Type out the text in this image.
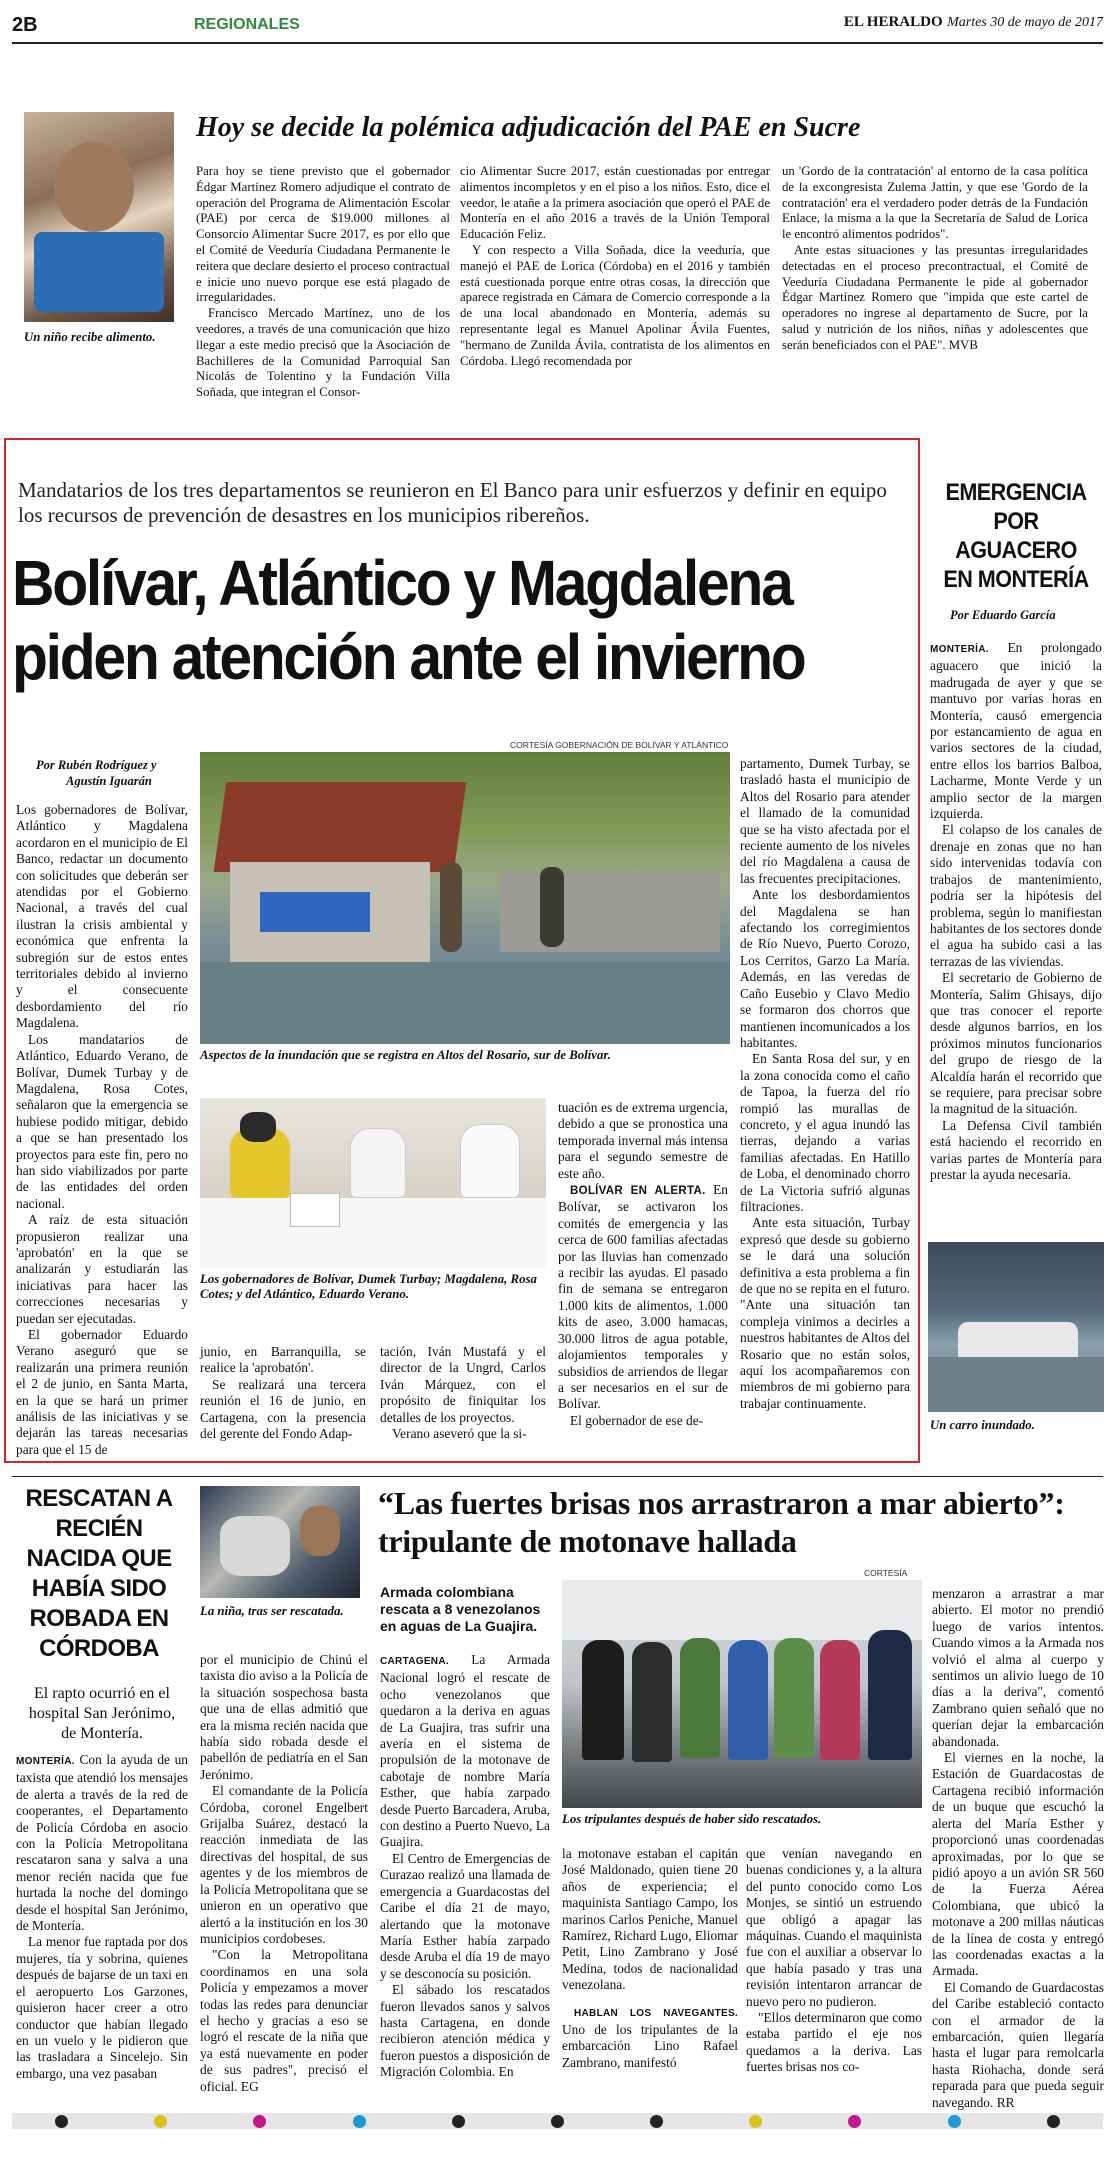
2B	REGIONALES	EL HERALDO Martes 30 de mayo de 2017
Un niño recibe alimento.
Hoy se decide la polémica adjudicación del PAE en Sucre

Para hoy se tiene previsto que el gobernador Édgar Martínez Romero adjudique el contrato de operación del Programa de Alimentación Escolar (PAE) por cerca de $19.000 millones al Consorcio Alimentar Sucre 2017, es por ello que el Comité de Veeduría Ciudadana Permanente le reitera que declare desierto el proceso contractual e inicie uno nuevo porque ese está plagado de irregularidades.

Francisco Mercado Martínez, uno de los veedores, a través de una comunicación que hizo llegar a este medio precisó que la Asociación de Bachilleres de la Comunidad Parroquial San Nicolás de Tolentino y la Fundación Villa Soñada, que integran el Consor-

cio Alimentar Sucre 2017, están cuestionadas por entregar alimentos incompletos y en el piso a los niños. Esto, dice el veedor, le atañe a la primera asociación que operó el PAE de Montería en el año 2016 a través de la Unión Temporal Educación Feliz.

Y con respecto a Villa Soñada, dice la veeduría, que manejó el PAE de Lorica (Córdoba) en el 2016 y también está cuestionada porque entre otras cosas, la dirección que aparece registrada en Cámara de Comercio corresponde a la de una local abandonado en Montería, además su representante legal es Manuel Apolinar Ávila Fuentes, "hermano de Zunilda Ávila, contratista de los alimentos en Córdoba. Llegó recomendada por

un 'Gordo de la contratación' al entorno de la casa política de la excongresista Zulema Jattin, y que ese 'Gordo de la contratación' era el verdadero poder detrás de la Fundación Enlace, la misma a la que la Secretaría de Salud de Lorica le encontró alimentos podridos".

Ante estas situaciones y las presuntas irregularidades detectadas en el proceso precontractual, el Comité de Veeduría Ciudadana Permanente le pide al gobernador Édgar Martínez Romero que "impida que este cartel de operadores no ingrese al departamento de Sucre, por la salud y nutrición de los niños, niñas y adolescentes que serán beneficiados con el PAE". MVB

Mandatarios de los tres departamentos se reunieron en El Banco para unir esfuerzos y definir en equipo los recursos de prevención de desastres en los municipios ribereños.
Bolívar, Atlántico y Magdalena
piden atención ante el invierno
CORTESÍA GOBERNACIÓN DE BOLÍVAR Y ATLÁNTICO
Por Rubén Rodríguez y
Agustín Iguarán
Aspectos de la inundación que se registra en Altos del Rosario, sur de Bolívar.
Los gobernadores de Bolívar, Dumek Turbay; Magdalena, Rosa Cotes; y del Atlántico, Eduardo Verano.

Los gobernadores de Bolívar, Atlántico y Magdalena acordaron en el municipio de El Banco, redactar un documento con solicitudes que deberán ser atendidas por el Gobierno Nacional, a través del cual ilustran la crisis ambiental y económica que enfrenta la subregión sur de estos entes territoriales debido al invierno y el consecuente desbordamiento del río Magdalena.

Los mandatarios de Atlántico, Eduardo Verano, de Bolívar, Dumek Turbay y de Magdalena, Rosa Cotes, señalaron que la emergencia se hubiese podido mitigar, debido a que se han presentado los proyectos para este fin, pero no han sido viabilizados por parte de las entidades del orden nacional.

A raíz de esta situación propusieron realizar una 'aprobatón' en la que se analizarán y estudiarán las iniciativas para hacer las correcciones necesarias y puedan ser ejecutadas.

El gobernador Eduardo Verano aseguró que se realizarán una primera reunión el 2 de junio, en Santa Marta, en la que se hará un primer análisis de las iniciativas y se dejarán las tareas necesarias para que el 15 de

junio, en Barranquilla, se realice la 'aprobatón'.

Se realizará una tercera reunión el 16 de junio, en Cartagena, con la presencia del gerente del Fondo Adap-

tación, Iván Mustafá y el director de la Ungrd, Carlos Iván Márquez, con el propósito de finiquitar los detalles de los proyectos.

Verano aseveró que la si-

tuación es de extrema urgencia, debido a que se pronostica una temporada invernal más intensa para el segundo semestre de este año.

BOLÍVAR EN ALERTA. En Bolívar, se activaron los comités de emergencia y las cerca de 600 familias afectadas por las lluvias han comenzado a recibir las ayudas. El pasado fin de semana se entregaron 1.000 kits de alimentos, 1.000 kits de aseo, 3.000 hamacas, 30.000 litros de agua potable, alojamientos temporales y subsidios de arriendos de llegar a ser necesarios en el sur de Bolívar.

El gobernador de ese de-

partamento, Dumek Turbay, se trasladó hasta el municipio de Altos del Rosario para atender el llamado de la comunidad que se ha visto afectada por el reciente aumento de los niveles del río Magdalena a causa de las frecuentes precipitaciones.

Ante los desbordamientos del Magdalena se han afectando los corregimientos de Río Nuevo, Puerto Corozo, Los Cerritos, Garzo La María. Además, en las veredas de Caño Eusebio y Clavo Medio se formaron dos chorros que mantienen incomunicados a los habitantes.

En Santa Rosa del sur, y en la zona conocida como el caño de Tapoa, la fuerza del río rompió las murallas de concreto, y el agua inundó las tierras, dejando a varias familias afectadas. En Hatillo de Loba, el denominado chorro de La Victoria sufrió algunas filtraciones.

Ante esta situación, Turbay expresó que desde su gobierno se le dará una solución definitiva a esta problema a fin de que no se repita en el futuro. "Ante una situación tan compleja vinimos a decirles a nuestros habitantes de Altos del Rosario que no están solos, aquí los acompañaremos con miembros de mi gobierno para trabajar continuamente.

EMERGENCIA
POR AGUACERO
EN MONTERÍA
Por Eduardo García

MONTERÍA. En prolongado aguacero que inició la madrugada de ayer y que se mantuvo por varias horas en Montería, causó emergencia por estancamiento de agua en varios sectores de la ciudad, entre ellos los barrios Balboa, Lacharme, Monte Verde y un amplio sector de la margen izquierda.

El colapso de los canales de drenaje en zonas que no han sido intervenidas todavía con trabajos de mantenimiento, podría ser la hipótesis del problema, según lo manifiestan habitantes de los sectores donde el agua ha subido casi a las terrazas de las viviendas.

El secretario de Gobierno de Montería, Salim Ghisays, dijo que tras conocer el reporte desde algunos barrios, en los próximos minutos funcionarios del grupo de riesgo de la Alcaldía harán el recorrido que se requiere, para precisar sobre la magnitud de la situación.

La Defensa Civil también está haciendo el recorrido en varias partes de Montería para prestar la ayuda necesaria.

Un carro inundado.
RESCATAN A RECIÉN NACIDA QUE HABÍA SIDO ROBADA EN CÓRDOBA
La niña, tras ser rescatada.
El rapto ocurrió en el hospital San Jerónimo, de Montería.

MONTERÍA. Con la ayuda de un taxista que atendió los mensajes de alerta a través de la red de cooperantes, el Departamento de Policía Córdoba en asocio con la Policía Metropolitana rescataron sana y salva a una menor recién nacida que fue hurtada la noche del domingo desde el hospital San Jerónimo, de Montería.

La menor fue raptada por dos mujeres, tía y sobrina, quienes después de bajarse de un taxi en el aeropuerto Los Garzones, quisieron hacer creer a otro conductor que habían llegado en un vuelo y le pidieron que las trasladara a Sincelejo. Sin embargo, una vez pasaban

por el municipio de Chinú el taxista dio aviso a la Policía de la situación sospechosa basta que una de ellas admitió que era la misma recién nacida que había sido robada desde el pabellón de pediatría en el San Jerónimo.

El comandante de la Policía Córdoba, coronel Engelbert Grijalba Suárez, destacó la reacción inmediata de las directivas del hospital, de sus agentes y de los miembros de la Policía Metropolitana que se unieron en un operativo que alertó a la institución en los 30 municipios cordobeses.

"Con la Metropolitana coordinamos en una sola Policía y empezamos a mover todas las redes para denunciar el hecho y gracias a eso se logró el rescate de la niña que ya está nuevamente en poder de sus padres", precisó el oficial. EG

“Las fuertes brisas nos arrastraron a mar abierto”: tripulante de motonave hallada
CORTESÍA
Armada colombiana rescata a 8 venezolanos en aguas de La Guajira.
Los tripulantes después de haber sido rescatados.

CARTAGENA. La Armada Nacional logró el rescate de ocho venezolanos que quedaron a la deriva en aguas de La Guajira, tras sufrir una avería en el sistema de propulsión de la motonave de cabotaje de nombre María Esther, que había zarpado desde Puerto Barcadera, Aruba, con destino a Puerto Nuevo, La Guajira.

El Centro de Emergencias de Curazao realizó una llamada de emergencia a Guardacostas del Caribe el día 21 de mayo, alertando que la motonave María Esther había zarpado desde Aruba el día 19 de mayo y se desconocía su posición.

El sábado los rescatados fueron llevados sanos y salvos hasta Cartagena, en donde recibieron atención médica y fueron puestos a disposición de Migración Colombia. En

la motonave estaban el capitán José Maldonado, quien tiene 20 años de experiencia; el maquinista Santiago Campo, los marinos Carlos Peniche, Manuel Ramírez, Richard Lugo, Eliomar Petit, Lino Zambrano y José Medina, todos de nacionalidad venezolana.

HABLAN LOS NAVEGANTES. Uno de los tripulantes de la embarcación Lino Rafael Zambrano, manifestó

que venían navegando en buenas condiciones y, a la altura del punto conocido como Los Monjes, se sintió un estruendo que obligó a apagar las máquinas. Cuando el maquinista fue con el auxiliar a observar lo que había pasado y tras una revisión intentaron arrancar de nuevo pero no pudieron.

"Ellos determinaron que como estaba partido el eje nos quedamos a la deriva. Las fuertes brisas nos co-

menzaron a arrastrar a mar abierto. El motor no prendió luego de varios intentos. Cuando vimos a la Armada nos volvió el alma al cuerpo y sentimos un alivio luego de 10 días a la deriva", comentó Zambrano quien señaló que no querían dejar la embarcación abandonada.

El viernes en la noche, la Estación de Guardacostas de Cartagena recibió información de un buque que escuchó la alerta del María Esther y proporcionó unas coordenadas aproximadas, por lo que se pidió apoyo a un avión SR 560 de la Fuerza Aérea Colombiana, que ubicó la motonave a 200 millas náuticas de la línea de costa y entregó las coordenadas exactas a la Armada.

El Comando de Guardacostas del Caribe estableció contacto con el armador de la embarcación, quien llegaría hasta el lugar para remolcarla hasta Riohacha, donde será reparada para que pueda seguir navegando. RR
